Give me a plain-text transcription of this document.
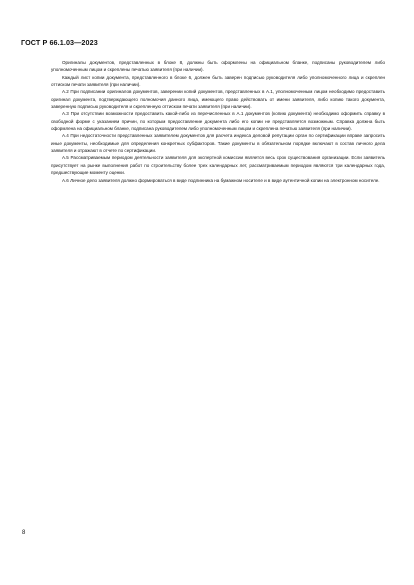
ГОСТ Р 66.1.03—2023

Оригиналы документов, представленных в блоке 8, должны быть оформлены на официальном бланке, подписаны руководителем либо уполномоченным лицом и скреплены печатью заявителя (при наличии).

Каждый лист копии документа, представленного в блоке 6, должен быть заверен подписью руководителя либо уполномоченного лица и скреплен оттиском печати заявителя (при наличии).

А.2 При подписании оригиналов документов, заверении копий документов, представленных в А.1, уполномоченным лицом необходимо предоставить оригинал документа, подтверждающего полномочия данного лица, имеющего право действовать от имени заявителя, либо копию такого документа, заверенную подписью руководителя и скрепленную оттиском печати заявителя (при наличии).

А.3 При отсутствии возможности предоставить какой-либо из перечисленных в А.1 документов (копию документа) необходимо оформить справку в свободной форме с указанием причин, по которым предоставление документа либо его копии не представляется возможным. Справка должна быть оформлена на официальном бланке, подписана руководителем либо уполномоченным лицом и скреплена печатью заявителя (при наличии).

А.4 При недостаточности представленных заявителем документов для расчета индекса деловой репутации орган по сертификации вправе запросить иные документы, необходимые для определения конкретных субфакторов. Такие документы в обязательном порядке включают в состав личного дела заявителя и отражают в отчете по сертификации.

А.5 Рассматриваемым периодом деятельности заявителя для экспертной комиссии является весь срок существования организации. Если заявитель присутствует на рынке выполнения работ по строительству более трех календарных лет, рассматриваемым периодом являются три календарных года, предшествующие моменту оценки.

А.6 Личное дело заявителя должно формироваться в виде подлинника на бумажном носителе и в виде аутентичной копии на электронном носителе.

8
